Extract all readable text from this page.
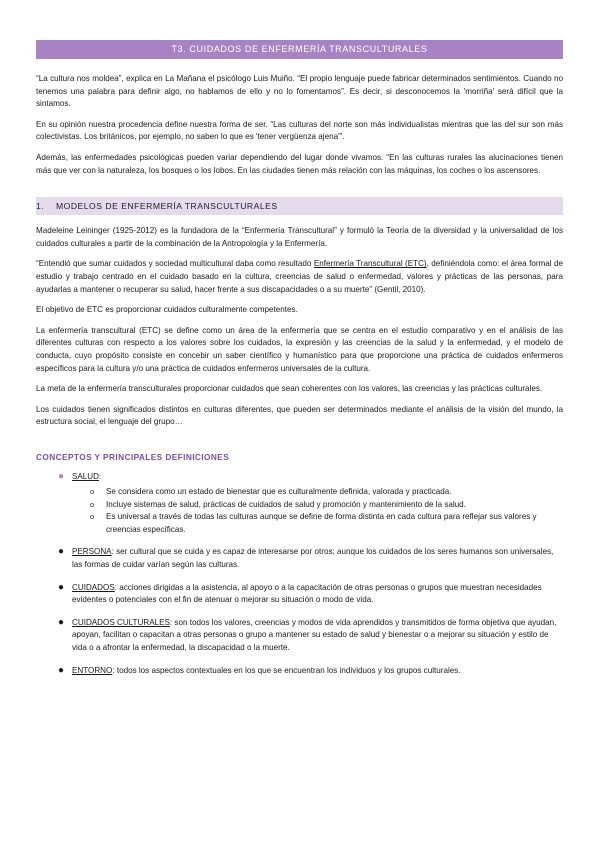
T3. CUIDADOS DE ENFERMERÍA TRANSCULTURALES

“La cultura nos moldea”, explica en La Mañana el psicólogo Luis Muiño. “El propio lenguaje puede fabricar determinados sentimientos. Cuando no tenemos una palabra para definir algo, no hablamos de ello y no lo fomentamos”. Es decir, si desconocemos la 'morriña' será difícil que la sintamos.

En su opinión nuestra procedencia define nuestra forma de ser. “Las culturas del norte son más individualistas mientras que las del sur son más colectivistas. Los británicos, por ejemplo, no saben lo que es 'tener vergüenza ajena'”.

Además, las enfermedades psicológicas pueden variar dependiendo del lugar donde vivamos. “En las culturas rurales las alucinaciones tienen más que ver con la naturaleza, los bosques o los lobos. En las ciudades tienen más relación con las máquinas, los coches o los ascensores.

1. MODELOS DE ENFERMERÍA TRANSCULTURALES

Madeleine Leininger (1925-2012) es la fundadora de la “Enfermería Transcultural” y formuló la Teoría de la diversidad y la universalidad de los cuidados culturales a partir de la combinación de la Antropología y la Enfermería.

“Entendió que sumar cuidados y sociedad multicultural daba como resultado Enfermería Transcultural (ETC), definiéndola como: el área formal de estudio y trabajo centrado en el cuidado basado en la cultura, creencias de salud o enfermedad, valores y prácticas de las personas, para ayudarlas a mantener o recuperar su salud, hacer frente a sus discapacidades o a su muerte” (Gentil, 2010).

El objetivo de ETC es proporcionar cuidados culturalmente competentes.

La enfermería transcultural (ETC) se define como un área de la enfermería que se centra en el estudio comparativo y en el análisis de las diferentes culturas con respecto a los valores sobre los cuidados, la expresión y las creencias de la salud y la enfermedad, y el modelo de conducta, cuyo propósito consiste en concebir un saber científico y humanístico para que proporcione una práctica de cuidados enfermeros específicos para la cultura y/o una práctica de cuidados enfermeros universales de la cultura.

La meta de la enfermería transculturales proporcionar cuidados que sean coherentes con los valores, las creencias y las prácticas culturales.

Los cuidados tienen significados distintos en culturas diferentes, que pueden ser determinados mediante el análisis de la visión del mundo, la estructura social, el lenguaje del grupo…

CONCEPTOS Y PRINCIPALES DEFINICIONES
● SALUD:
o Se considera como un estado de bienestar que es culturalmente definida, valorada y practicada.
o Incluye sistemas de salud, prácticas de cuidados de salud y promoción y mantenimiento de la salud.
o Es universal a través de todas las culturas aunque se define de forma distinta en cada cultura para reflejar sus valores y creencias específicas.
● PERSONA: ser cultural que se cuida y es capaz de interesarse por otros; aunque los cuidados de los seres humanos son universales, las formas de cuidar varían según las culturas.
● CUIDADOS: acciones dirigidas a la asistencia, al apoyo o a la capacitación de otras personas o grupos que muestran necesidades evidentes o potenciales con el fin de atenuar o mejorar su situación o modo de vida.
● CUIDADOS CULTURALES: son todos los valores, creencias y modos de vida aprendidos y transmitidos de forma objetiva que ayudan, apoyan, facilitan o capacitan a otras personas o grupo a mantener su estado de salud y bienestar o a mejorar su situación y estilo de vida o a afrontar la enfermedad, la discapacidad o la muerte.
● ENTORNO: todos los aspectos contextuales en los que se encuentran los individuos y los grupos culturales.
